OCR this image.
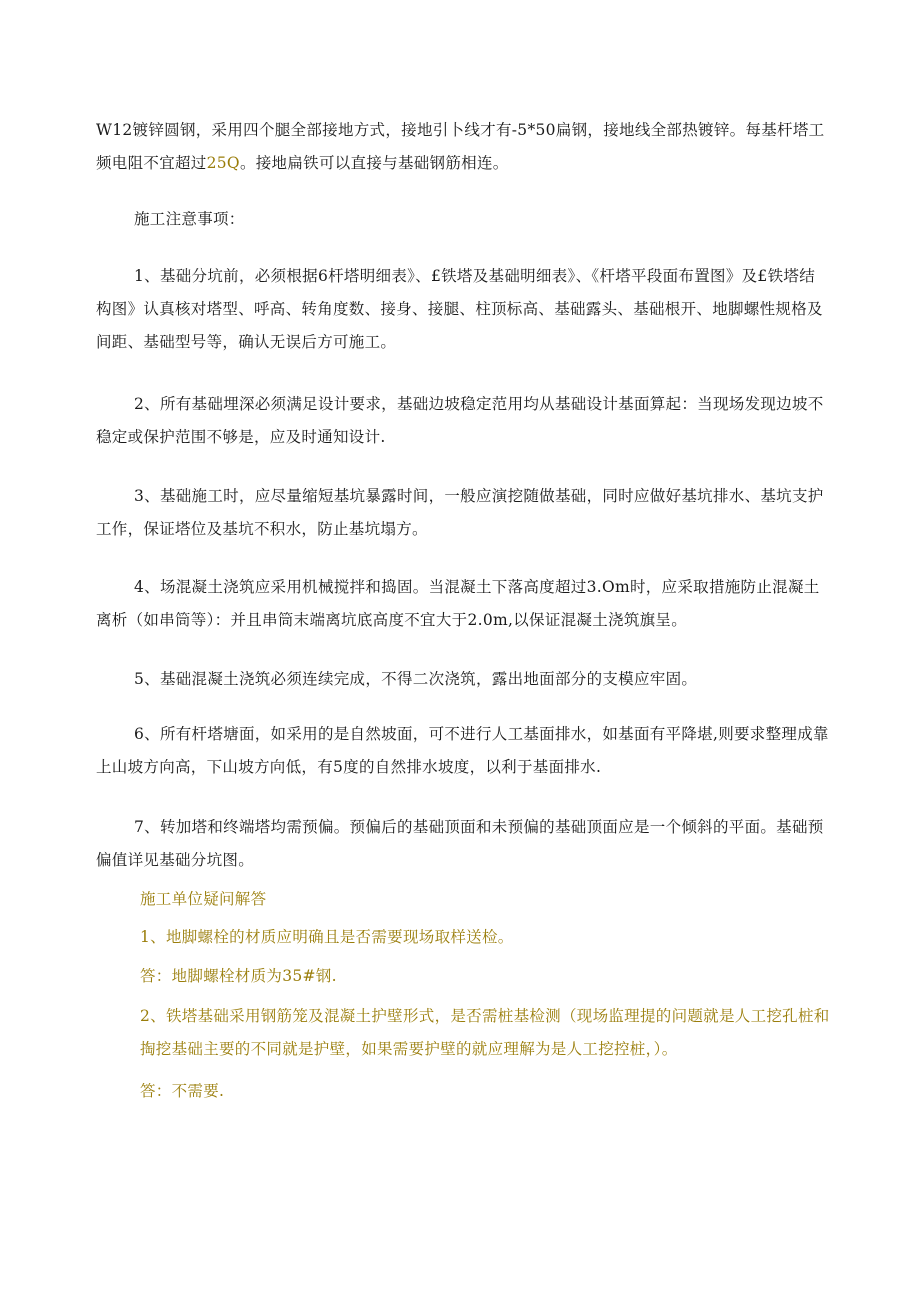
W12镀锌圆钢，采用四个腿全部接地方式，接地引卜线才有-5*50扁钢，接地线全部热镀锌。每基杆塔工频电阻不宜超过25Q。接地扁铁可以直接与基础钢筋相连。

施工注意事项：

1、基础分坑前，必须根据6杆塔明细表》、£铁塔及基础明细表》、《杆塔平段面布置图》及£铁塔结构图》认真核对塔型、呼高、转角度数、接身、接腿、柱顶标高、基础露头、基础根开、地脚螺性规格及间距、基础型号等，确认无误后方可施工。

2、所有基础埋深必须满足设计要求，基础边坡稳定范用均从基础设计基面算起：当现场发现边坡不稳定或保护范围不够是，应及时通知设计.

3、基础施工时，应尽量缩短基坑暴露时间，一般应演挖随做基础，同时应做好基坑排水、基坑支护工作，保证塔位及基坑不积水，防止基坑塌方。

4、场混凝土浇筑应采用机械搅拌和捣固。当混凝土下落高度超过3.Om时，应采取措施防止混凝土离析（如串筒等）：并且串筒末端离坑底高度不宜大于2.0m,以保证混凝土浇筑旗呈。

5、基础混凝土浇筑必须连续完成，不得二次浇筑，露出地面部分的支模应牢固。

6、所有杆塔塘面，如采用的是自然坡面，可不进行人工基面排水，如基面有平降堪,则要求整理成靠上山坡方向高，下山坡方向低，有5度的自然排水坡度，以利于基面排水.

7、转加塔和终端塔均需预偏。预偏后的基础顶面和未预偏的基础顶面应是一个倾斜的平面。基础预偏值详见基础分坑图。

施工单位疑问解答

1、地脚螺栓的材质应明确且是否需要现场取样送检。

答：地脚螺栓材质为35#钢.

2、铁塔基础采用钢筋笼及混凝土护壁形式，是否需桩基检测（现场监理提的问题就是人工挖孔桩和掏挖基础主要的不同就是护壁，如果需要护壁的就应理解为是人工挖控桩，）。

答：不需要.
